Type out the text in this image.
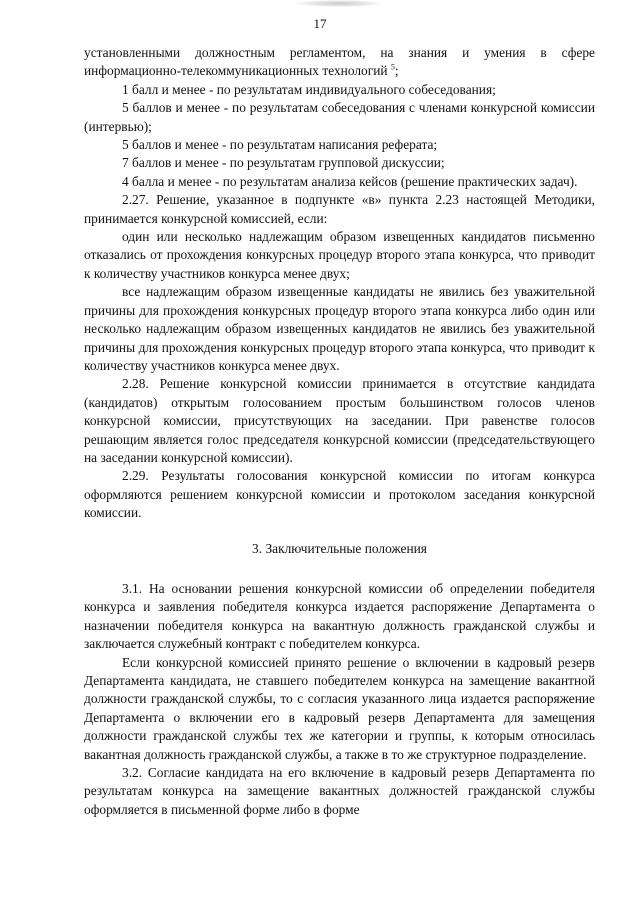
17

установленными должностным регламентом, на знания и умения в сфере информационно-телекоммуникационных технологий $^5$;

1 балл и менее - по результатам индивидуального собеседования;

5 баллов и менее - по результатам собеседования с членами конкурсной комиссии (интервью);

5 баллов и менее - по результатам написания реферата;

7 баллов и менее - по результатам групповой дискуссии;

4 балла и менее - по результатам анализа кейсов (решение практических задач).

2.27. Решение, указанное в подпункте «в» пункта 2.23 настоящей Методики, принимается конкурсной комиссией, если:

один или несколько надлежащим образом извещенных кандидатов письменно отказались от прохождения конкурсных процедур второго этапа конкурса, что приводит к количеству участников конкурса менее двух;

все надлежащим образом извещенные кандидаты не явились без уважительной причины для прохождения конкурсных процедур второго этапа конкурса либо один или несколько надлежащим образом извещенных кандидатов не явились без уважительной причины для прохождения конкурсных процедур второго этапа конкурса, что приводит к количеству участников конкурса менее двух.

2.28. Решение конкурсной комиссии принимается в отсутствие кандидата (кандидатов) открытым голосованием простым большинством голосов членов конкурсной комиссии, присутствующих на заседании. При равенстве голосов решающим является голос председателя конкурсной комиссии (председательствующего на заседании конкурсной комиссии).

2.29. Результаты голосования конкурсной комиссии по итогам конкурса оформляются решением конкурсной комиссии и протоколом заседания конкурсной комиссии.

3. Заключительные положения

3.1. На основании решения конкурсной комиссии об определении победителя конкурса и заявления победителя конкурса издается распоряжение Департамента о назначении победителя конкурса на вакантную должность гражданской службы и заключается служебный контракт с победителем конкурса.

Если конкурсной комиссией принято решение о включении в кадровый резерв Департамента кандидата, не ставшего победителем конкурса на замещение вакантной должности гражданской службы, то с согласия указанного лица издается распоряжение Департамента о включении его в кадровый резерв Департамента для замещения должности гражданской службы тех же категории и группы, к которым относилась вакантная должность гражданской службы, а также в то же структурное подразделение.

3.2. Согласие кандидата на его включение в кадровый резерв Департамента по результатам конкурса на замещение вакантных должностей гражданской службы оформляется в письменной форме либо в форме
